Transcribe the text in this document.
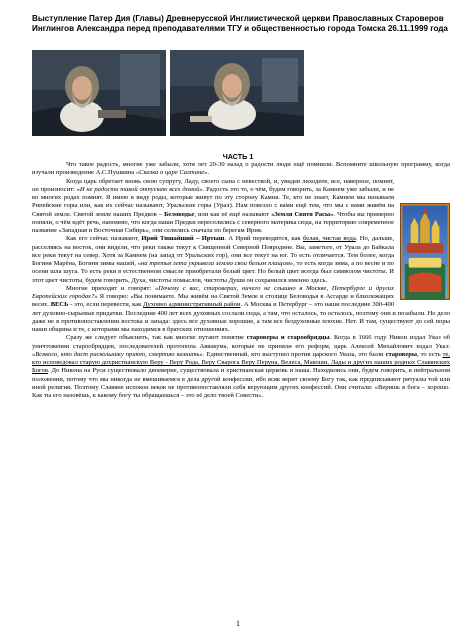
Выступление Патер Дия (Главы) Древнерусской Инглиистической церкви Православных Староверов Инглингов Александра перед преподавателями ТГУ и общественностью города Томска 26.11.1999 года
ЧАСТЬ 1

Что такое радость, многие уже забыли, хотя лет 20-30 назад о радости люди ещё помнили. Вспомните школьную программу, когда изучали произведение А.С.Пушкина «Сказка о царе Салтане».

Когда царь обретает вновь свою супругу, Ладу, своего сына с невесткой, и, увидев лиходеев, все, наверное, помнят, он произносит: «И не радости такой отпускаю всех домой». Радость это то, о чём, будем говорить, за Камнем уже забыли, и не во многих родах помнят. Я имею в виду роды, которые живут по эту сторону Камня. Те, кто не знает, Камнем мы называем Рипейские горы или, как их сейчас называют, Уральские горы (Урал). Нам повезло с вами ещё тем, что мы с вами живём на Святой земле. Святой земле наших Предков – Беловодье, или как её ещё называют «Земля Святя Расы». Чтобы вы примерно поняли, о чём идёт речь, напомню, что когда наши Предки переселились с северного материка сюда, на территорию современное название «Западная и Восточная Сибирь», они селились сначала по берегам Ирия.

Как его сейчас называют, Ирий Тишайший – Иртыш. А Ирий переводится, как белая, чистая вода. Но, дальше, расселяясь на восток, они видели, что реки также текут к Священной Северной Пояродине. Вы, заметьте, от Урала до Байкала все реки текут на север. Хотя за Камнем (на запад от Уральских гор), они все текут на юг. То есть отличается. Тем более, когда Богиня Марёна, Богиня зимы нашей, «на третья лета укрывела землю свои белым плащом», то есть когда зима, а по весне и по осени шла шуга. То есть реки в естественном смысле приобретали белый цвет. Но белый цвет всегда был символом чистоты. И этот цвет чистоты, будем говорить, Духа, чистоты помыслов, чистоты Души он сохранился именно здесь.

Многие приходят и говорят: «Почему с вас, староверах, ничего не слышно в Москве, Петербурге и других Европейских городах?» Я говорю: «Вы понимаете. Мы живём на Святой Земле в столице Беловодья в Асгарде и близлежащих весях. ВЕСЬ - это, если перевести, как Духовно административный район. А Москва и Петербург – это наши последние 300-400 лет духовно-сырьевые придатки. Последние 400 лет всех духовных сослали сюда, а там, что осталось, то осталось, поэтому они и позабыли. Но дело даже не в противопоставлении востока и запада: здесь все духовные хорошие, а там все бездуховные плохие. Нет. И там, существуют до сей поры наши общины и те, с которыми мы находимся в братских отношениях.

Сразу же следует объяснить, так как многие путают понятие староверы и старообрядцы. Когда в 1666 году Никон издал Указ об уничтожении старообрядцев, последователей протопопа Аввакума, которые не приняли его реформ, царь Алексей Михайлович издал Указ: «Всякого, кто даст раскольнику приют, смертию казнить». Единственный, кто выступил против царского Указа, это были староверы, то есть те, кто исповедовал старую дохристианскую Веру - Веру Рода, Веру Сварога Веру Перуна, Велеса, Макоши, Лады и других наших родных Славянских Богов. До Никона на Руси существовало двоеверие, существовала и христианская церковь и наша. Находились они, будем говорить, в нейтральном положении, потому что мы никогда не вмешиваемся в дела другой конфессии, ибо всяк верит своему Богу так, как предписывают ритуалы той или иной религии. Поэтому Славяне испокон веков не противопоставляли себя верующим других конфессий. Они считали: «Веришь в бога – хорошо. Как ты его назовёшь, к какому богу ты обращаешься – это её дело твоей Совести».

1
